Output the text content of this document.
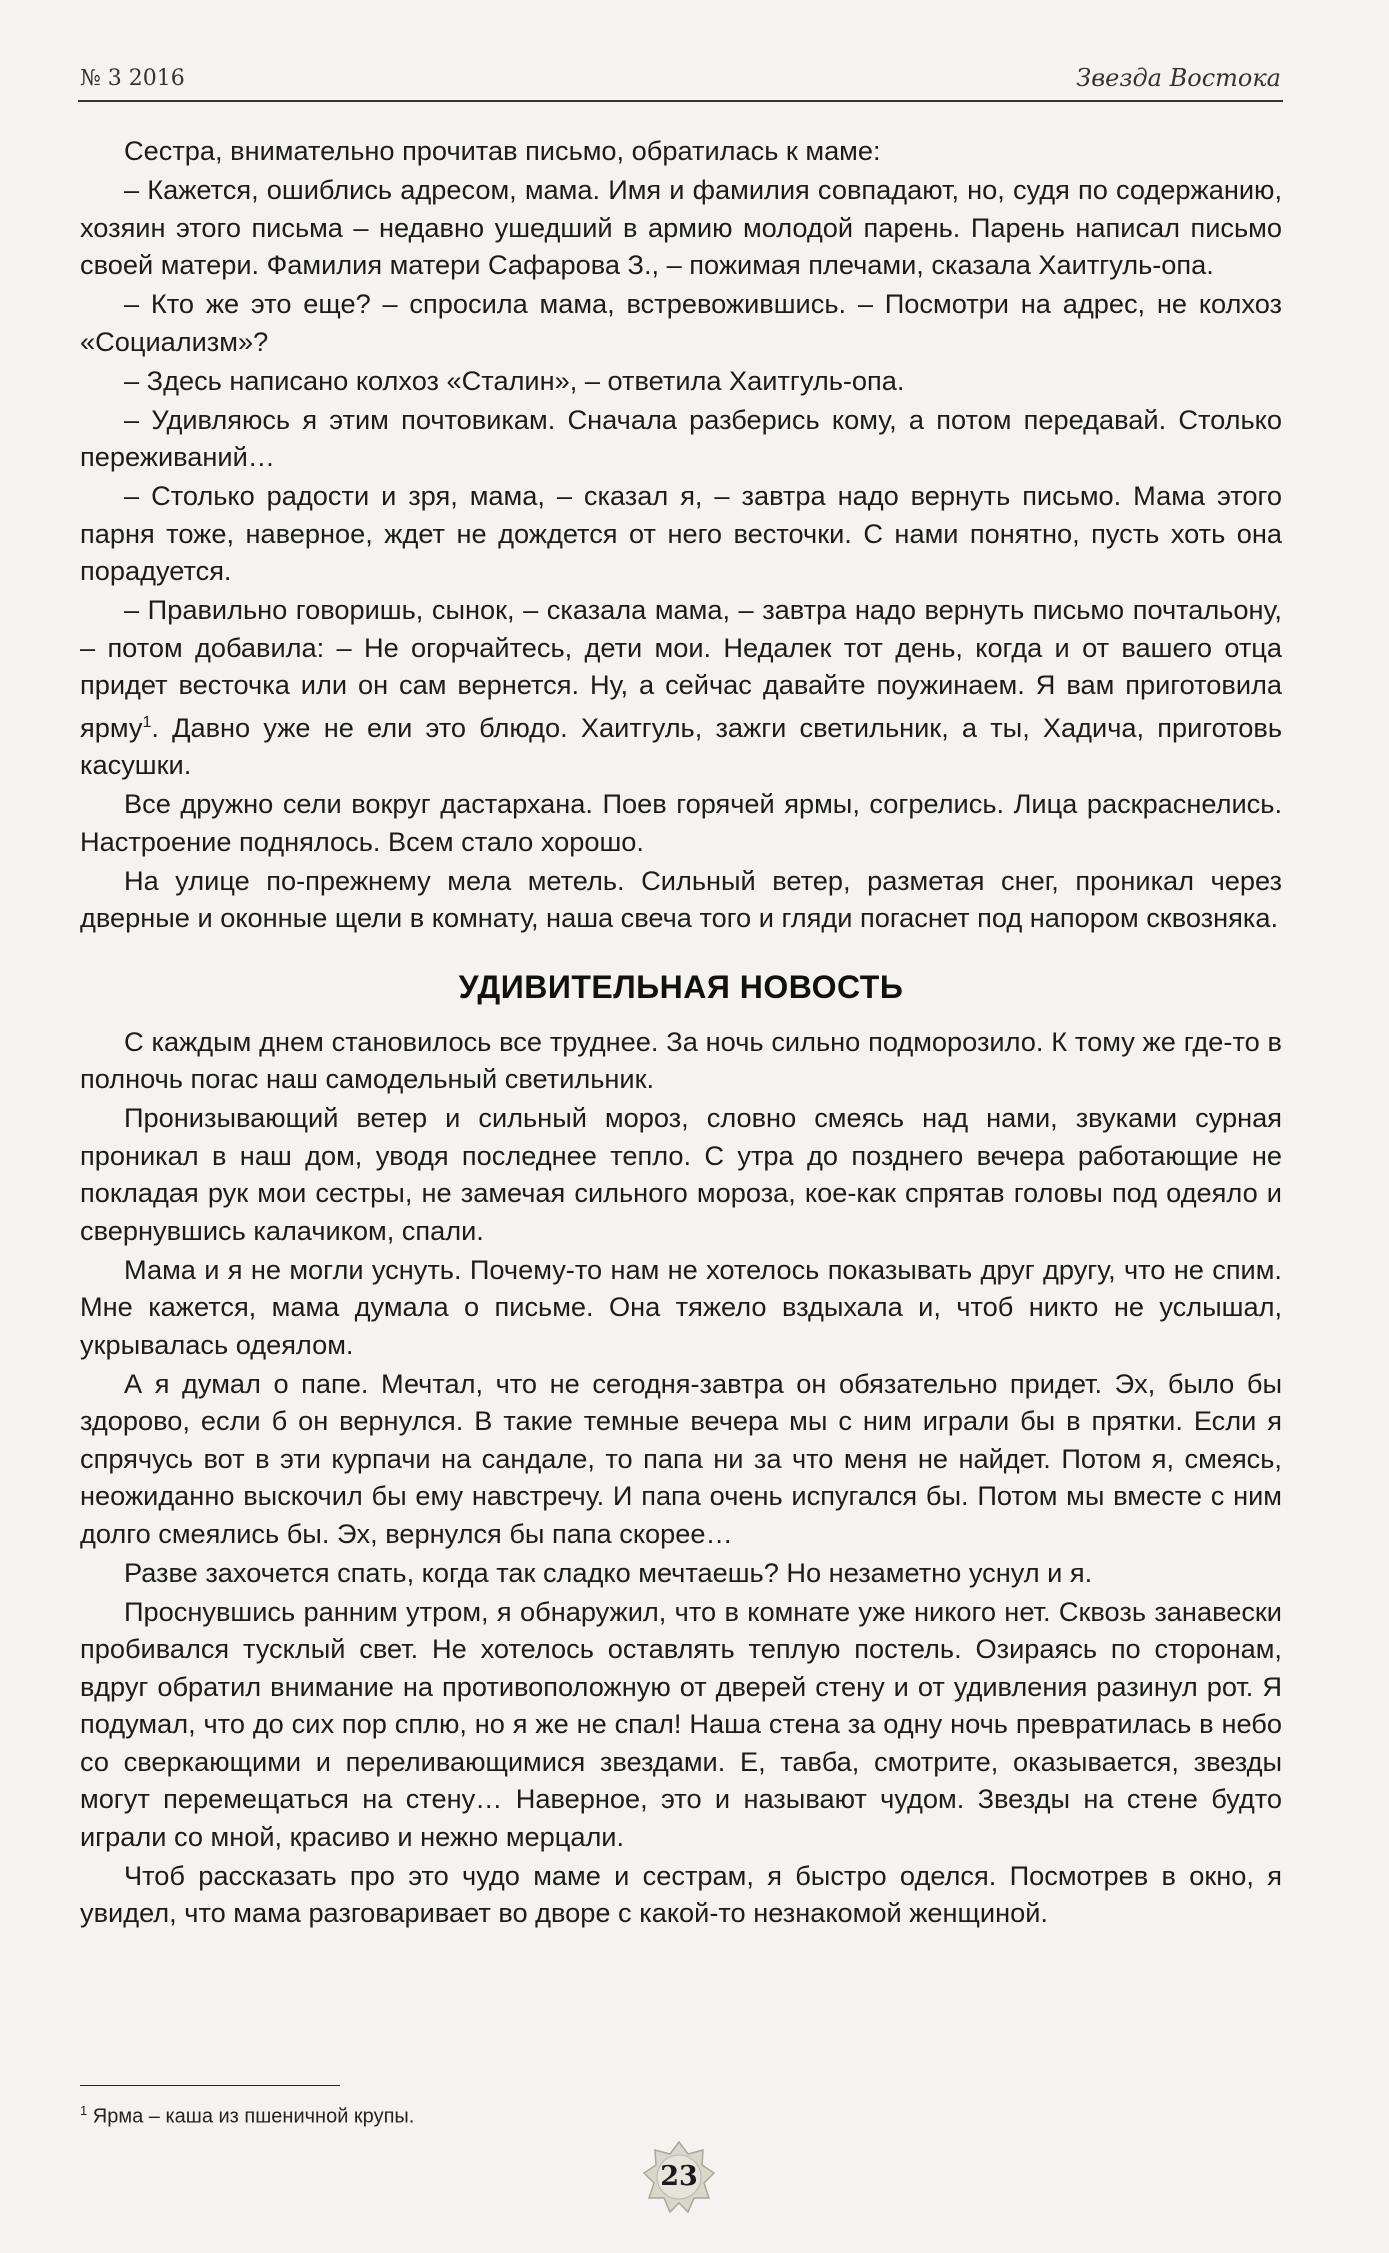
№ 3 2016	Звезда Востока

Сестра, внимательно прочитав письмо, обратилась к маме:

– Кажется, ошиблись адресом, мама. Имя и фамилия совпадают, но, судя по содержанию, хозяин этого письма – недавно ушедший в армию молодой парень. Парень написал письмо своей матери. Фамилия матери Сафарова З., – пожимая плечами, сказала Хаитгуль-опа.

– Кто же это еще? – спросила мама, встревожившись. – Посмотри на адрес, не колхоз «Социализм»?

– Здесь написано колхоз «Сталин», – ответила Хаитгуль-опа.

– Удивляюсь я этим почтовикам. Сначала разберись кому, а потом передавай. Столько переживаний…

– Столько радости и зря, мама, – сказал я, – завтра надо вернуть письмо. Мама этого парня тоже, наверное, ждет не дождется от него весточки. С нами понятно, пусть хоть она порадуется.

– Правильно говоришь, сынок, – сказала мама, – завтра надо вернуть письмо почтальону, – потом добавила: – Не огорчайтесь, дети мои. Недалек тот день, когда и от вашего отца придет весточка или он сам вернется. Ну, а сейчас давайте поужинаем. Я вам приготовила ярму$^1$. Давно уже не ели это блюдо. Хаитгуль, зажги светильник, а ты, Хадича, приготовь касушки.

Все дружно сели вокруг дастархана. Поев горячей ярмы, согрелись. Лица раскраснелись. Настроение поднялось. Всем стало хорошо.

На улице по-прежнему мела метель. Сильный ветер, разметая снег, проникал через дверные и оконные щели в комнату, наша свеча того и гляди погаснет под напором сквозняка.

УДИВИТЕЛЬНАЯ НОВОСТЬ

С каждым днем становилось все труднее. За ночь сильно подморозило. К тому же где-то в полночь погас наш самодельный светильник.

Пронизывающий ветер и сильный мороз, словно смеясь над нами, звуками сурная проникал в наш дом, уводя последнее тепло. С утра до позднего вечера работающие не покладая рук мои сестры, не замечая сильного мороза, кое-как спрятав головы под одеяло и свернувшись калачиком, спали.

Мама и я не могли уснуть. Почему-то нам не хотелось показывать друг другу, что не спим. Мне кажется, мама думала о письме. Она тяжело вздыхала и, чтоб никто не услышал, укрывалась одеялом.

А я думал о папе. Мечтал, что не сегодня-завтра он обязательно придет. Эх, было бы здорово, если б он вернулся. В такие темные вечера мы с ним играли бы в прятки. Если я спрячусь вот в эти курпачи на сандале, то папа ни за что меня не найдет. Потом я, смеясь, неожиданно выскочил бы ему навстречу. И папа очень испугался бы. Потом мы вместе с ним долго смеялись бы. Эх, вернулся бы папа скорее…

Разве захочется спать, когда так сладко мечтаешь? Но незаметно уснул и я.

Проснувшись ранним утром, я обнаружил, что в комнате уже никого нет. Сквозь занавески пробивался тусклый свет. Не хотелось оставлять теплую постель. Озираясь по сторонам, вдруг обратил внимание на противоположную от дверей стену и от удивления разинул рот. Я подумал, что до сих пор сплю, но я же не спал! Наша стена за одну ночь превратилась в небо со сверкающими и переливающимися звездами. Е, тавба, смотрите, оказывается, звезды могут перемещаться на стену… Наверное, это и называют чудом. Звезды на стене будто играли со мной, красиво и нежно мерцали.

Чтоб рассказать про это чудо маме и сестрам, я быстро оделся. Посмотрев в окно, я увидел, что мама разговаривает во дворе с какой-то незнакомой женщиной.

$^1$ Ярма – каша из пшеничной крупы.
23
